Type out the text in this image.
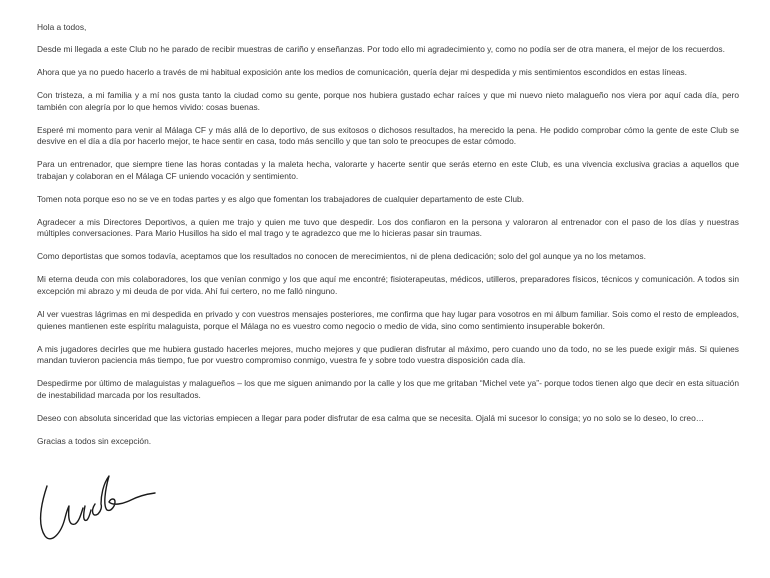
Hola a todos,

Desde mi llegada a este Club no he parado de recibir muestras de cariño y enseñanzas. Por todo ello mi agradecimiento y, como no podía ser de otra manera, el mejor de los recuerdos.

Ahora que ya no puedo hacerlo a través de mi habitual exposición ante los medios de comunicación, quería dejar mi despedida y mis sentimientos escondidos en estas líneas.

Con tristeza, a mi familia y a mí nos gusta tanto la ciudad como su gente, porque nos hubiera gustado echar raíces y que mi nuevo nieto malagueño nos viera por aquí cada día, pero también con alegría por lo que hemos vivido: cosas buenas.

Esperé mi momento para venir al Málaga CF y más allá de lo deportivo, de sus exitosos o dichosos resultados, ha merecido la pena. He podido comprobar cómo la gente de este Club se desvive en el día a día por hacerlo mejor, te hace sentir en casa, todo más sencillo y que tan solo te preocupes de estar cómodo.

Para un entrenador, que siempre tiene las horas contadas y la maleta hecha, valorarte y hacerte sentir que serás eterno en este Club, es una vivencia exclusiva gracias a aquellos que trabajan y colaboran en el Málaga CF uniendo vocación y sentimiento.

Tomen nota porque eso no se ve en todas partes y es algo que fomentan los trabajadores de cualquier departamento de este Club.

Agradecer a mis Directores Deportivos, a quien me trajo y quien me tuvo que despedir. Los dos confiaron en la persona y valoraron al entrenador con el paso de los días y nuestras múltiples conversaciones. Para Mario Husillos ha sido el mal trago y te agradezco que me lo hicieras pasar sin traumas.

Como deportistas que somos todavía, aceptamos que los resultados no conocen de merecimientos, ni de plena dedicación; solo del gol aunque ya no los metamos.

Mi eterna deuda con mis colaboradores, los que venían conmigo y los que aquí me encontré; fisioterapeutas, médicos, utilleros, preparadores físicos, técnicos y comunicación. A todos sin excepción mi abrazo y mi deuda de por vida. Ahí fui certero, no me falló ninguno.

Al ver vuestras lágrimas en mi despedida en privado y con vuestros mensajes posteriores, me confirma que hay lugar para vosotros en mi álbum familiar. Sois como el resto de empleados, quienes mantienen este espíritu malaguista, porque el Málaga no es vuestro como negocio o medio de vida, sino como sentimiento insuperable bokerón.

A mis jugadores decirles que me hubiera gustado hacerles mejores, mucho mejores y que pudieran disfrutar al máximo, pero cuando uno da todo, no se les puede exigir más. Si quienes mandan tuvieron paciencia más tiempo, fue por vuestro compromiso conmigo, vuestra fe y sobre todo vuestra disposición cada día.

Despedirme por último de malaguistas y malagueños – los que me siguen animando por la calle y los que me gritaban “Michel vete ya”- porque todos tienen algo que decir en esta situación de inestabilidad marcada por los resultados.

Deseo con absoluta sinceridad que las victorias empiecen a llegar para poder disfrutar de esa calma que se necesita. Ojalá mi sucesor lo consiga; yo no solo se lo deseo, lo creo…

Gracias a todos sin excepción.
